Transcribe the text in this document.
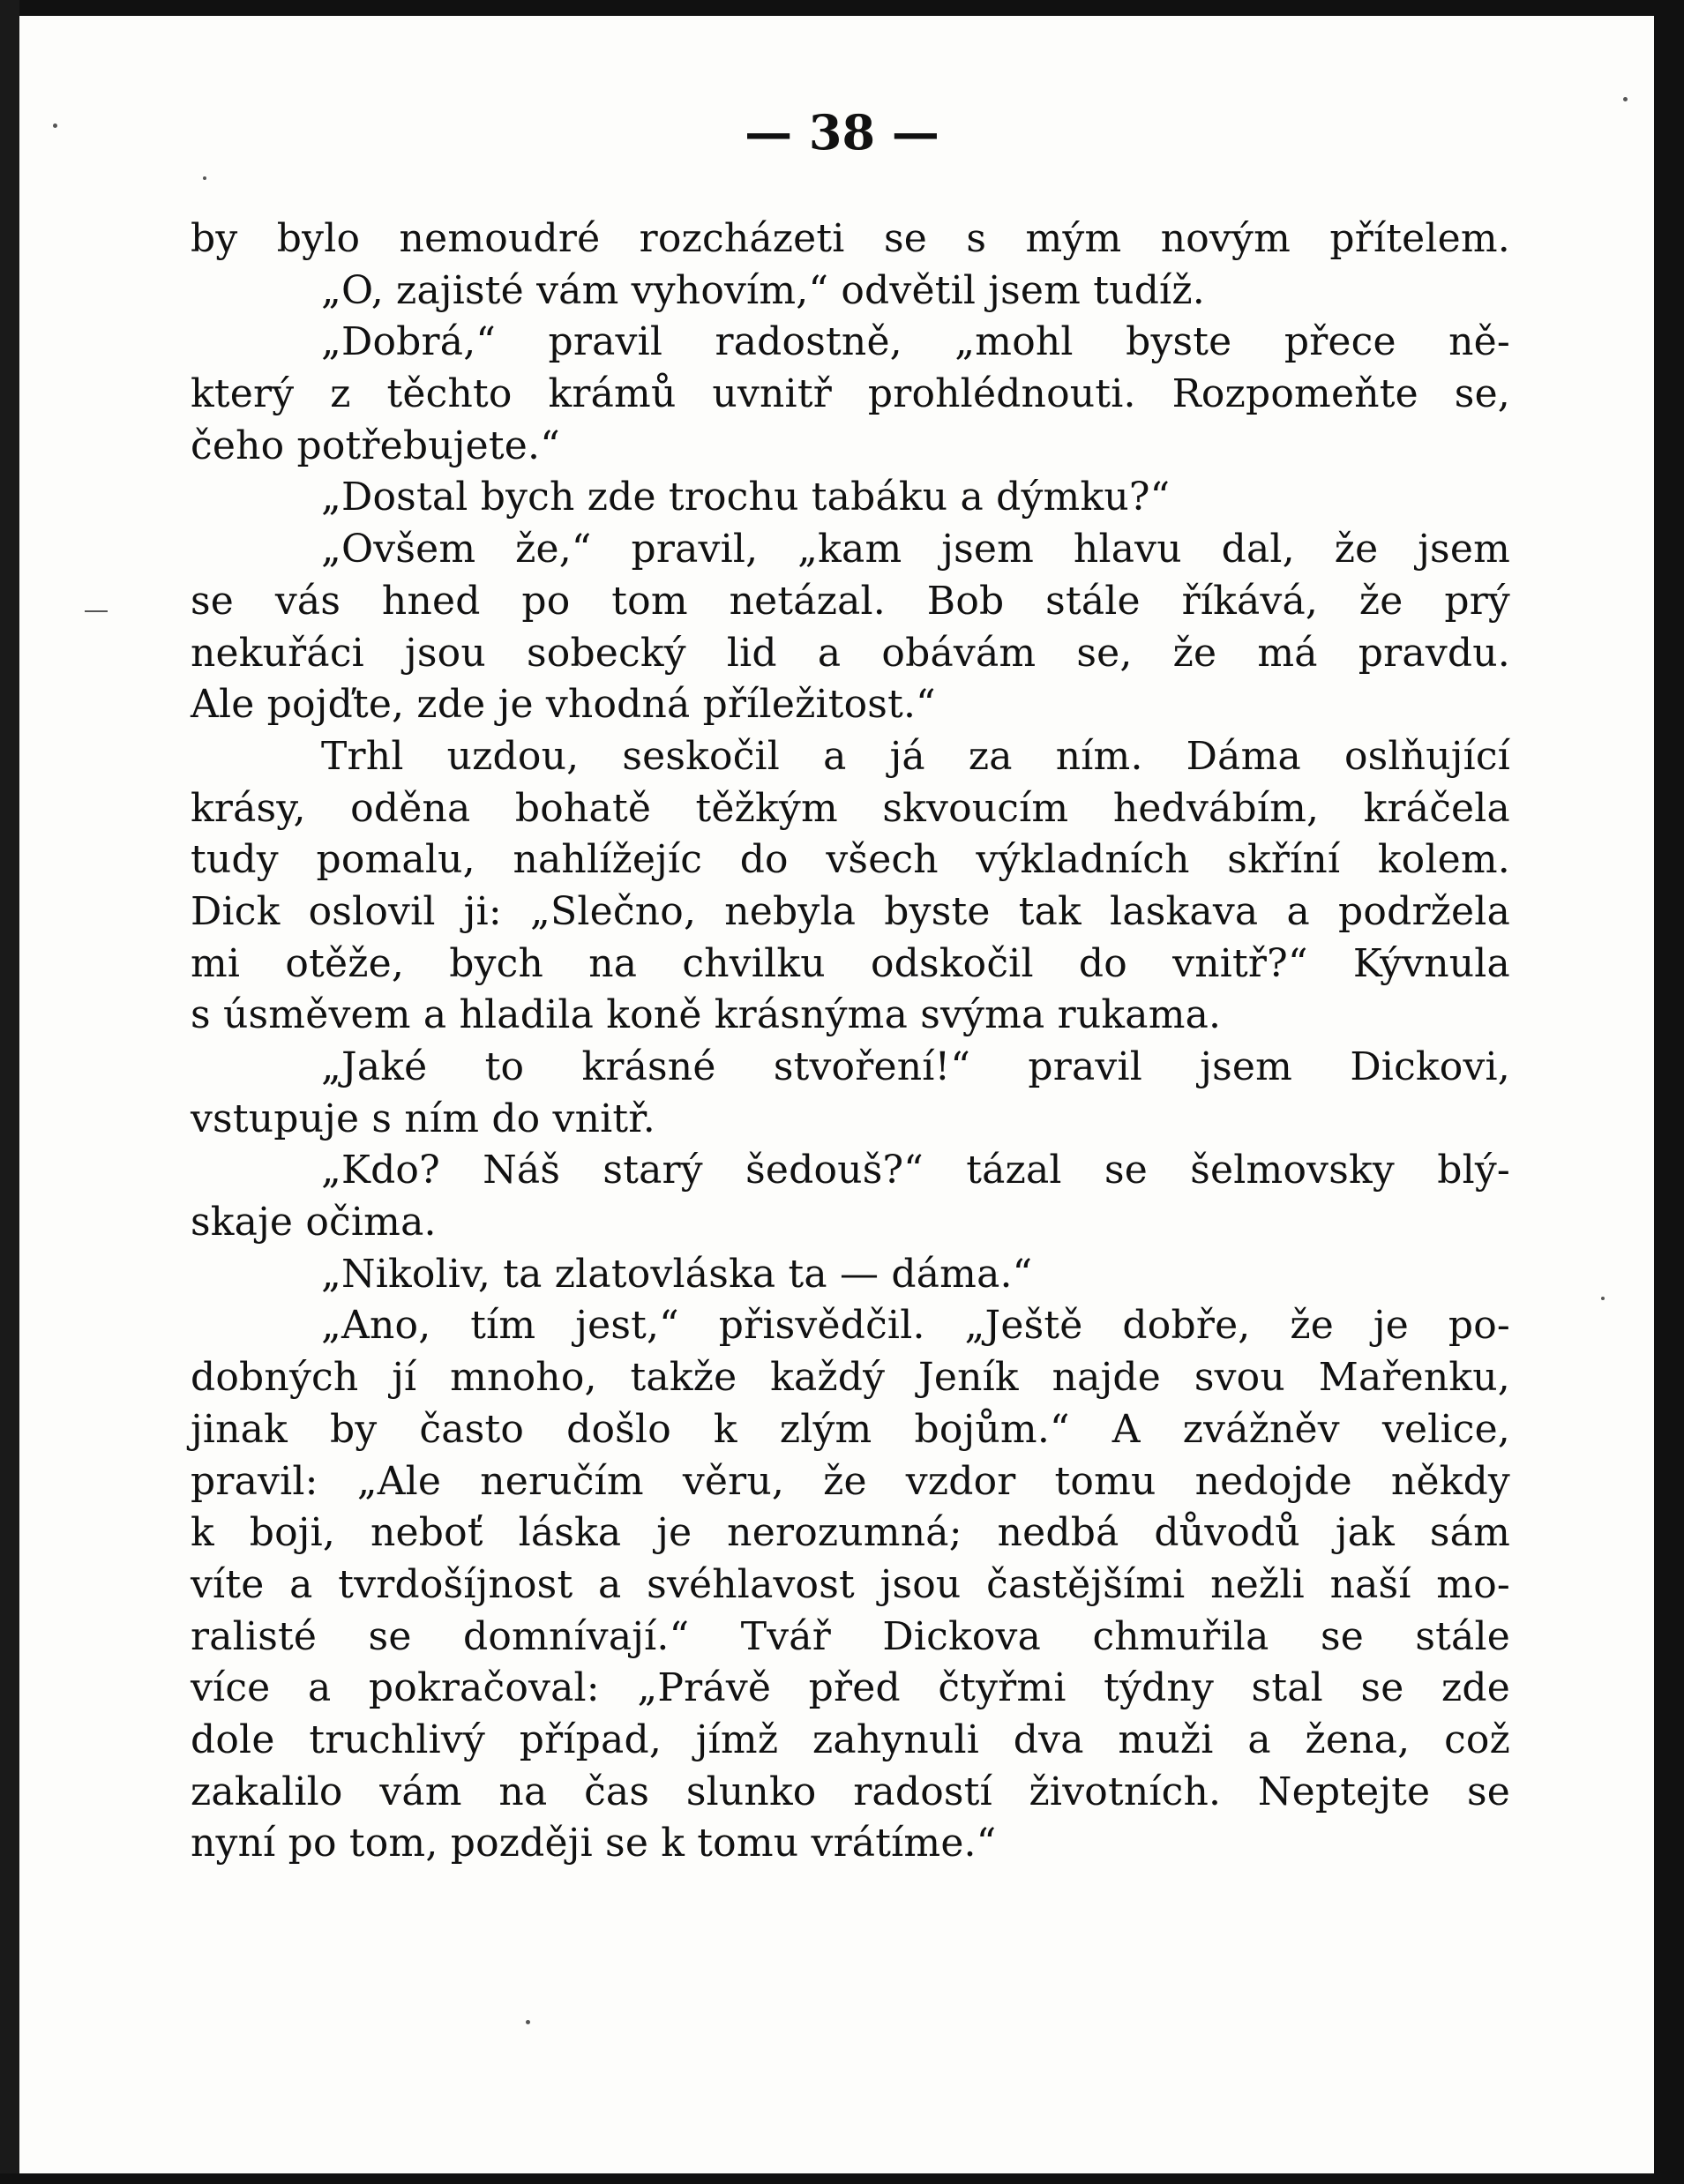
— 38 —
by bylo nemoudré rozcházeti se s mým novým přítelem.
„O, zajisté vám vyhovím,“ odvětil jsem tudíž.
„Dobrá,“ pravil radostně, „mohl byste přece ně-
který z těchto krámů uvnitř prohlédnouti. Rozpomeňte se,
čeho potřebujete.“
„Dostal bych zde trochu tabáku a dýmku?“
„Ovšem že,“ pravil, „kam jsem hlavu dal, že jsem
se vás hned po tom netázal. Bob stále říkává, že prý
nekuřáci jsou sobecký lid a obávám se, že má pravdu.
Ale pojďte, zde je vhodná příležitost.“
Trhl uzdou, seskočil a já za ním. Dáma oslňující
krásy, oděna bohatě těžkým skvoucím hedvábím, kráčela
tudy pomalu, nahlížejíc do všech výkladních skříní kolem.
Dick oslovil ji: „Slečno, nebyla byste tak laskava a podržela
mi otěže, bych na chvilku odskočil do vnitř?“ Kývnula
s úsměvem a hladila koně krásnýma svýma rukama.
„Jaké to krásné stvoření!“ pravil jsem Dickovi,
vstupuje s ním do vnitř.
„Kdo? Náš starý šedouš?“ tázal se šelmovsky blý-
skaje očima.
„Nikoliv, ta zlatovláska ta — dáma.“
„Ano, tím jest,“ přisvědčil. „Ještě dobře, že je po-
dobných jí mnoho, takže každý Jeník najde svou Mařenku,
jinak by často došlo k zlým bojům.“ A zvážněv velice,
pravil: „Ale neručím věru, že vzdor tomu nedojde někdy
k boji, neboť láska je nerozumná; nedbá důvodů jak sám
víte a tvrdošíjnost a svéhlavost jsou častějšími nežli naší mo-
ralisté se domnívají.“ Tvář Dickova chmuřila se stále
více a pokračoval: „Právě před čtyřmi týdny stal se zde
dole truchlivý případ, jímž zahynuli dva muži a žena, což
zakalilo vám na čas slunko radostí životních. Neptejte se
nyní po tom, později se k tomu vrátíme.“
